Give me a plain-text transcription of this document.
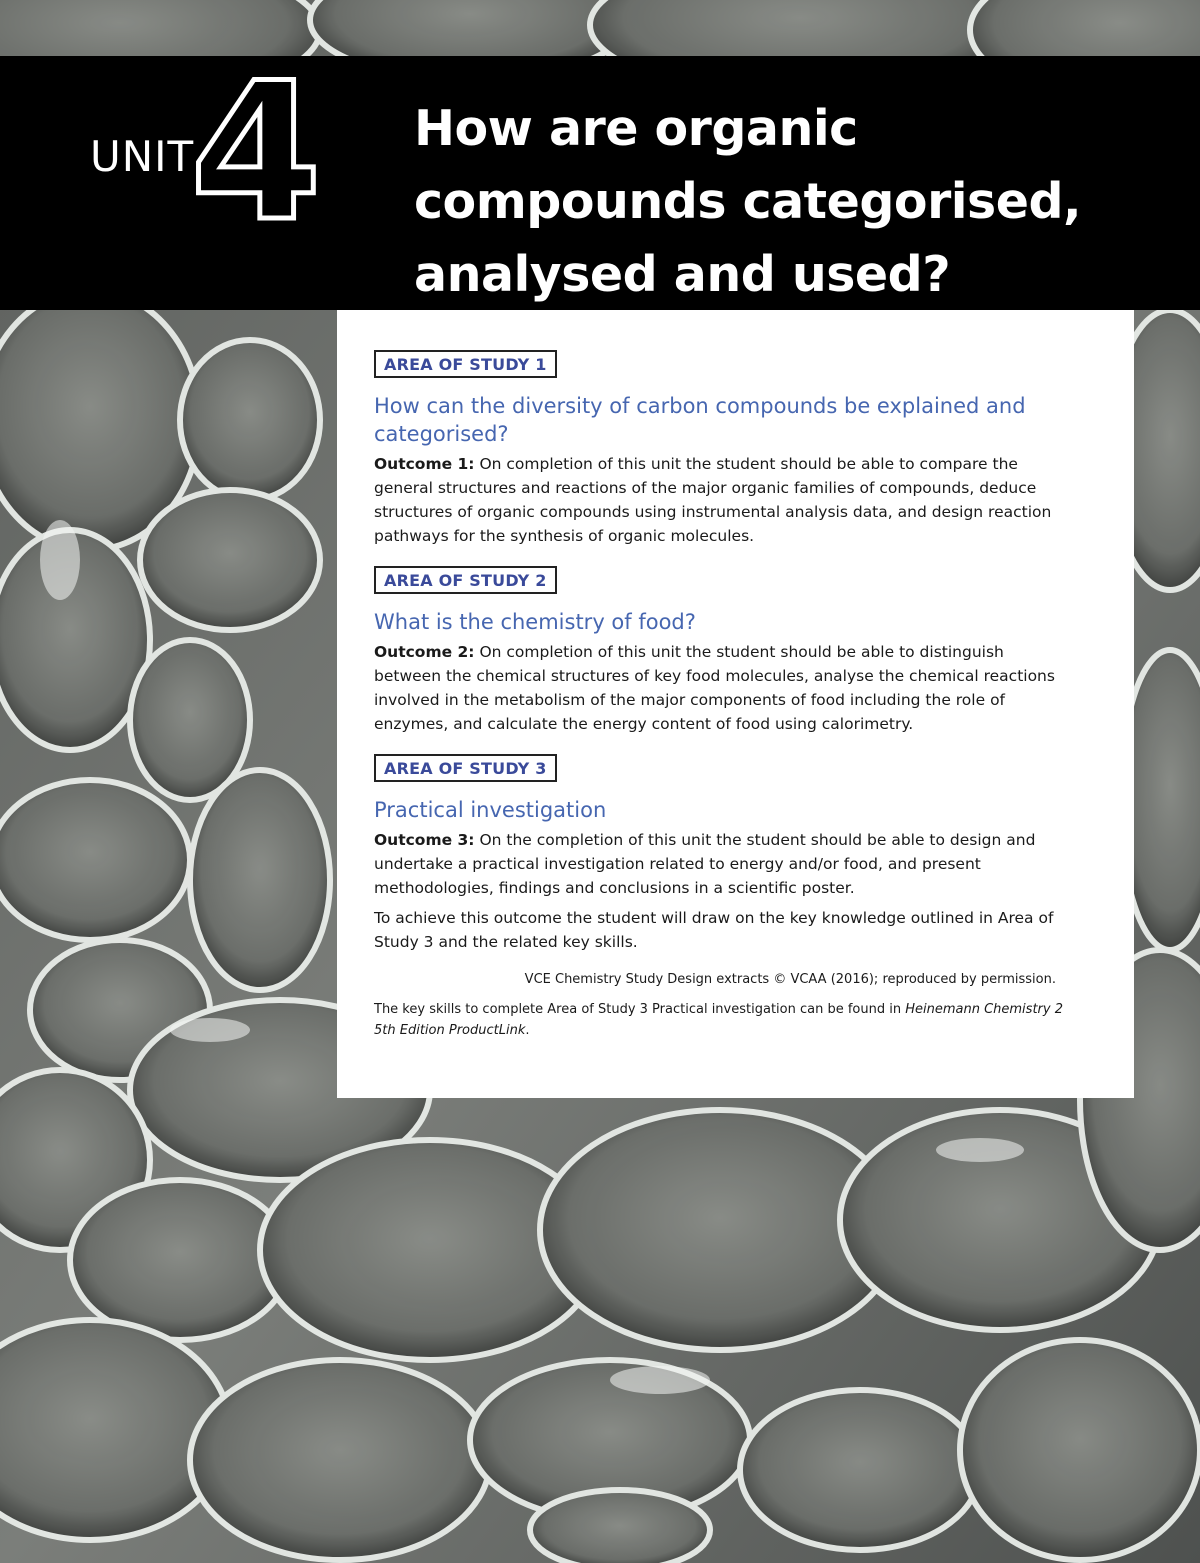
UNIT
4 How are organic compounds categorised, analysed and used?
AREA OF STUDY 1
How can the diversity of carbon compounds be explained and categorised?

Outcome 1: On completion of this unit the student should be able to compare the general structures and reactions of the major organic families of compounds, deduce structures of organic compounds using instrumental analysis data, and design reaction pathways for the synthesis of organic molecules.

AREA OF STUDY 2
What is the chemistry of food?

Outcome 2: On completion of this unit the student should be able to distinguish between the chemical structures of key food molecules, analyse the chemical reactions involved in the metabolism of the major components of food including the role of enzymes, and calculate the energy content of food using calorimetry.

AREA OF STUDY 3
Practical investigation

Outcome 3: On the completion of this unit the student should be able to design and undertake a practical investigation related to energy and/or food, and present methodologies, findings and conclusions in a scientific poster.

To achieve this outcome the student will draw on the key knowledge outlined in Area of Study 3 and the related key skills.

VCE Chemistry Study Design extracts © VCAA (2016); reproduced by permission.

The key skills to complete Area of Study 3 Practical investigation can be found in Heinemann Chemistry 2 5th Edition ProductLink.
